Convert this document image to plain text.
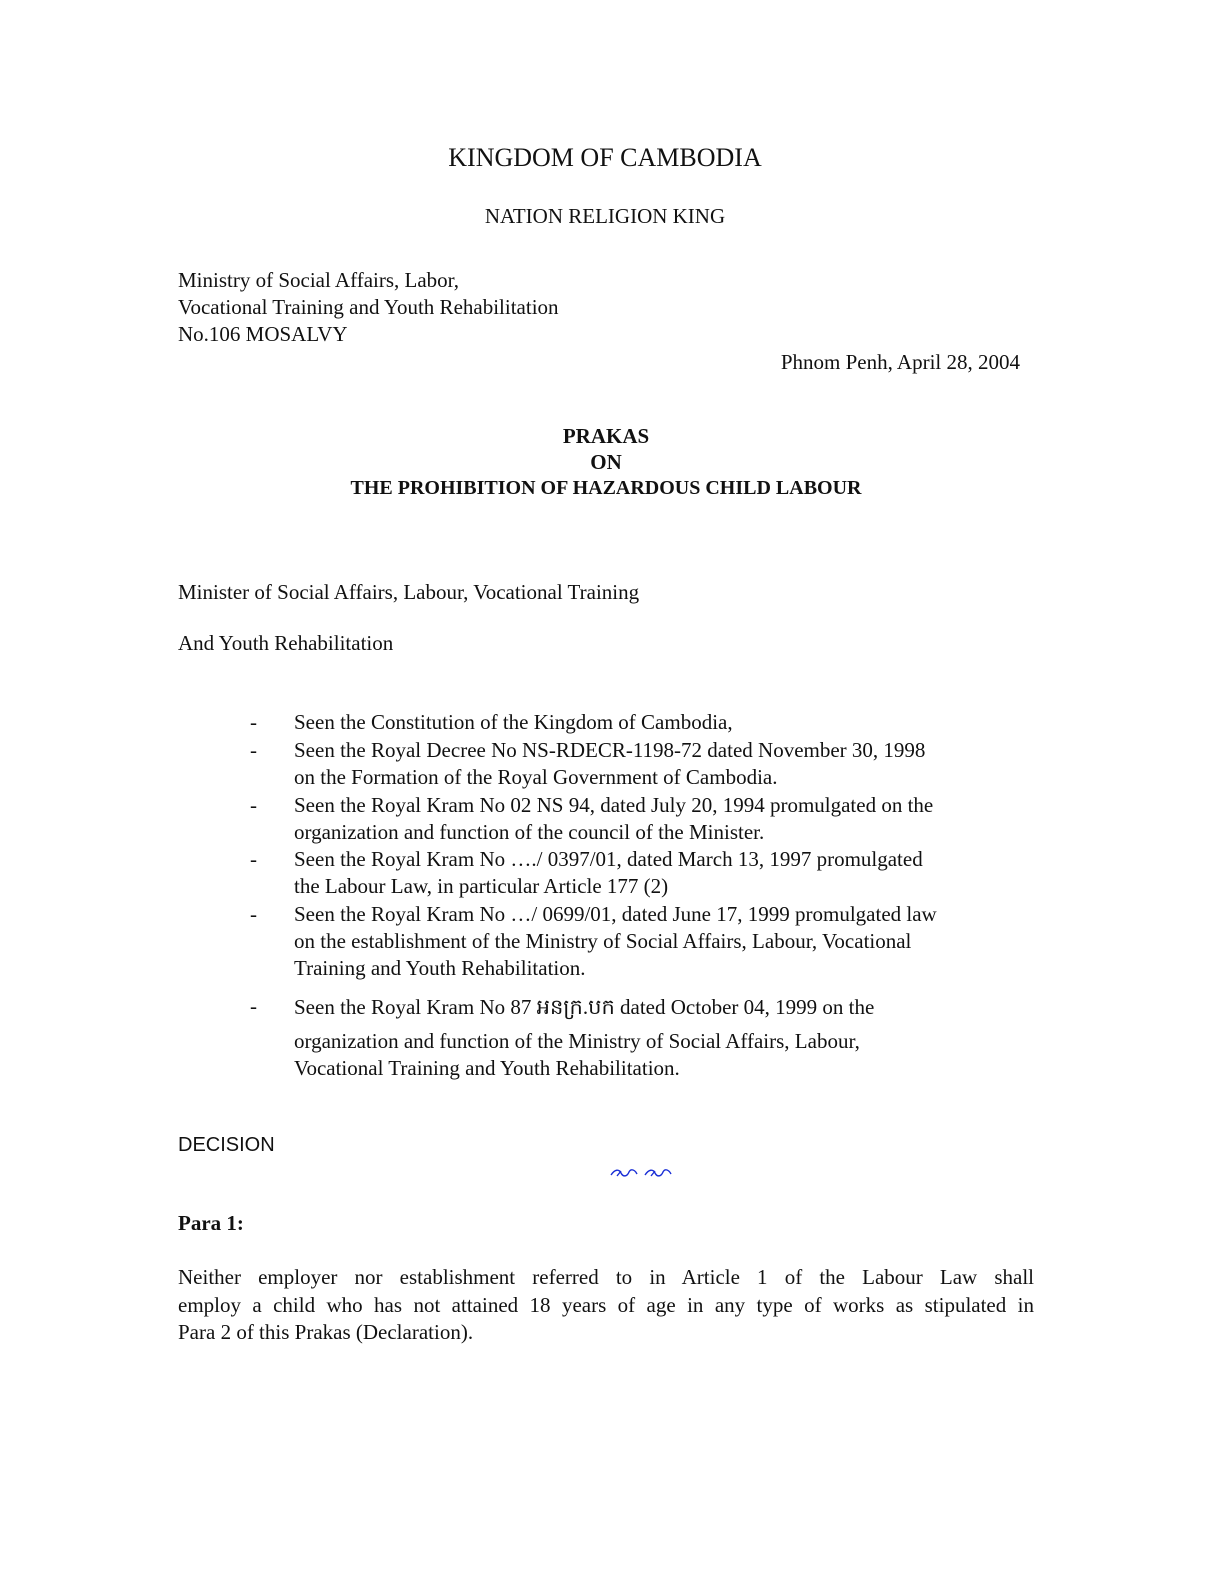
KINGDOM OF CAMBODIA
NATION RELIGION KING
Ministry of Social Affairs, Labor,
Vocational Training and Youth Rehabilitation
No.106 MOSALVY
Phnom Penh, April 28, 2004
PRAKAS
ON
THE PROHIBITION OF HAZARDOUS CHILD LABOUR
Minister of Social Affairs, Labour, Vocational Training
And Youth Rehabilitation
- Seen the Constitution of the Kingdom of Cambodia,
- Seen the Royal Decree No NS-RDECR-1198-72 dated November 30, 1998
on the Formation of the Royal Government of Cambodia.
- Seen the Royal Kram No 02 NS 94, dated July 20, 1994 promulgated on the
organization and function of the council of the Minister.
- Seen the Royal Kram No …./ 0397/01, dated March 13, 1997 promulgated
the Labour Law, in particular Article 177 (2)
- Seen the Royal Kram No …/ 0699/01, dated June 17, 1999 promulgated law
on the establishment of the Ministry of Social Affairs, Labour, Vocational
Training and Youth Rehabilitation.
- Seen the Royal Kram No 87 អនក្រ.បក dated October 04, 1999 on the
organization and function of the Ministry of Social Affairs, Labour,
Vocational Training and Youth Rehabilitation.
DECISION
Para 1:
Neither employer nor establishment referred to in Article 1 of the Labour Law shall
employ a child who has not attained 18 years of age in any type of works as stipulated in
Para 2 of this Prakas (Declaration).
